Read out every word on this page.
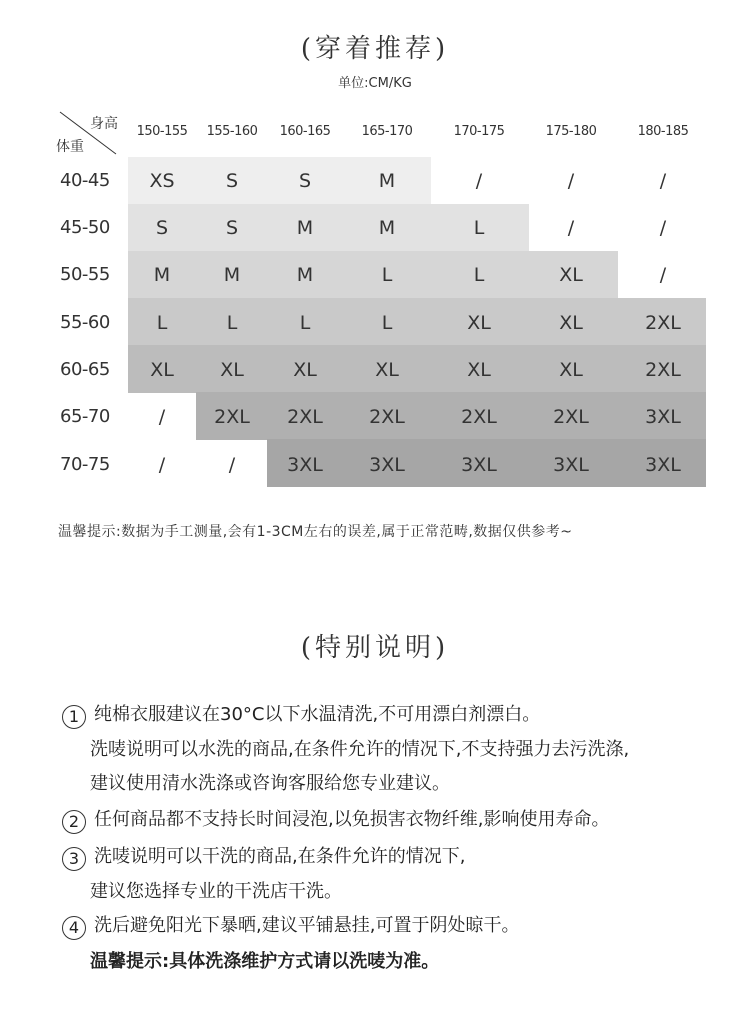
(穿着推荐)
单位:CM/KG
身高
体重
150-155	155-160	160-165	165-170	170-175	175-180	180-185
40-45	XS	S	S	M	/	/	/
45-50	S	S	M	M	L	/	/
50-55	M	M	M	L	L	XL	/
55-60	L	L	L	L	XL	XL	2XL
60-65	XL	XL	XL	XL	XL	XL	2XL
65-70	/	2XL	2XL	2XL	2XL	2XL	3XL
70-75	/	/	3XL	3XL	3XL	3XL	3XL
温馨提示:数据为手工测量,会有1-3CM左右的误差,属于正常范畴,数据仅供参考~
(特别说明)
1 纯棉衣服建议在30°C以下水温清洗,不可用漂白剂漂白。
洗唛说明可以水洗的商品,在条件允许的情况下,不支持强力去污洗涤,
建议使用清水洗涤或咨询客服给您专业建议。
2 任何商品都不支持长时间浸泡,以免损害衣物纤维,影响使用寿命。
3 洗唛说明可以干洗的商品,在条件允许的情况下,
建议您选择专业的干洗店干洗。
4 洗后避免阳光下暴晒,建议平铺悬挂,可置于阴处晾干。
温馨提示:具体洗涤维护方式请以洗唛为准。
